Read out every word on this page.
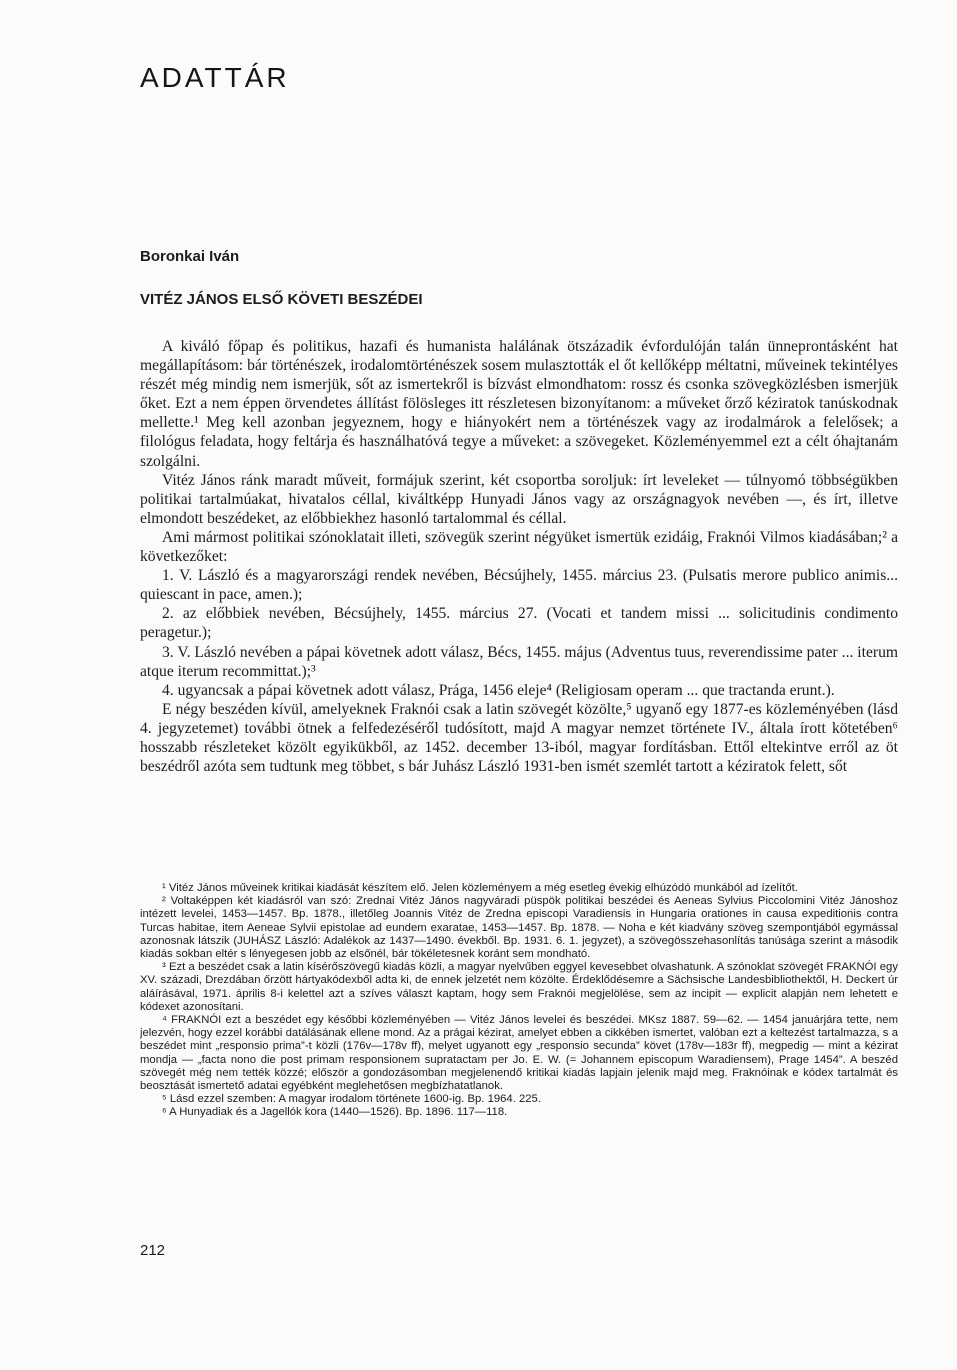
ADATTÁR
Boronkai Iván
VITÉZ JÁNOS ELSŐ KÖVETI BESZÉDEI

A kiváló főpap és politikus, hazafi és humanista halálának ötszázadik évfordulóján talán ünneprontásként hat megállapításom: bár történészek, irodalomtörténészek sosem mulasztották el őt kellőképp méltatni, műveinek tekintélyes részét még mindig nem ismerjük, sőt az ismertekről is bízvást elmondhatom: rossz és csonka szövegközlésben ismerjük őket. Ezt a nem éppen örvendetes állítást fölösleges itt részletesen bizonyítanom: a műveket őrző kéziratok tanúskodnak mellette.¹ Meg kell azonban jegyeznem, hogy e hiányokért nem a történészek vagy az irodalmárok a felelősek; a filológus feladata, hogy feltárja és használhatóvá tegye a műveket: a szövegeket. Közleményemmel ezt a célt óhajtanám szolgálni.

Vitéz János ránk maradt műveit, formájuk szerint, két csoportba soroljuk: írt leveleket — túlnyomó többségükben politikai tartalmúakat, hivatalos céllal, kiváltképp Hunyadi János vagy az országnagyok nevében —, és írt, illetve elmondott beszédeket, az előbbiekhez hasonló tartalommal és céllal.

Ami mármost politikai szónoklatait illeti, szövegük szerint négyüket ismertük ezidáig, Fraknói Vilmos kiadásában;² a következőket:

1. V. László és a magyarországi rendek nevében, Bécsújhely, 1455. március 23. (Pulsatis merore publico animis... quiescant in pace, amen.);

2. az előbbiek nevében, Bécsújhely, 1455. március 27. (Vocati et tandem missi ... solicitudinis condimento peragetur.);

3. V. László nevében a pápai követnek adott válasz, Bécs, 1455. május (Adventus tuus, reverendissime pater ... iterum atque iterum recommittat.);³

4. ugyancsak a pápai követnek adott válasz, Prága, 1456 eleje⁴ (Religiosam operam ... que tractanda erunt.).

E négy beszéden kívül, amelyeknek Fraknói csak a latin szövegét közölte,⁵ ugyanő egy 1877-es közleményében (lásd 4. jegyzetemet) további ötnek a felfedezéséről tudósított, majd A magyar nemzet története IV., általa írott kötetében⁶ hosszabb részleteket közölt egyikükből, az 1452. december 13-iból, magyar fordításban. Ettől eltekintve erről az öt beszédről azóta sem tudtunk meg többet, s bár Juhász László 1931-ben ismét szemlét tartott a kéziratok felett, sőt

¹ Vitéz János műveinek kritikai kiadását készítem elő. Jelen közleményem a még esetleg évekig elhúzódó munkából ad ízelítőt.

² Voltaképpen két kiadásról van szó: Zrednai Vitéz János nagyváradi püspök politikai beszédei és Aeneas Sylvius Piccolomini Vitéz Jánoshoz intézett levelei, 1453—1457. Bp. 1878., illetőleg Joannis Vitéz de Zredna episcopi Varadiensis in Hungaria orationes in causa expeditionis contra Turcas habitae, item Aeneae Sylvii epistolae ad eundem exaratae, 1453—1457. Bp. 1878. — Noha e két kiadvány szöveg szempontjából egymással azonosnak látszik (JUHÁSZ László: Adalékok az 1437—1490. évekből. Bp. 1931. 6. 1. jegyzet), a szövegösszehasonlítás tanúsága szerint a második kiadás sokban eltér s lényegesen jobb az elsőnél, bár tökéletesnek koránt sem mondható.

³ Ezt a beszédet csak a latin kísérőszövegű kiadás közli, a magyar nyelvűben eggyel kevesebbet olvashatunk. A szónoklat szövegét FRAKNÓI egy XV. századi, Drezdában őrzött hártyakódexből adta ki, de ennek jelzetét nem közölte. Érdeklődésemre a Sächsische Landesbibliothektől, H. Deckert úr aláírásával, 1971. április 8-i kelettel azt a szíves választ kaptam, hogy sem Fraknói megjelölése, sem az incipit — explicit alapján nem lehetett e kódexet azonosítani.

⁴ FRAKNÓI ezt a beszédet egy későbbi közleményében — Vitéz János levelei és beszédei. MKsz 1887. 59—62. — 1454 januárjára tette, nem jelezvén, hogy ezzel korábbi datálásának ellene mond. Az a prágai kézirat, amelyet ebben a cikkében ismertet, valóban ezt a keltezést tartalmazza, s a beszédet mint „responsio prima”-t közli (176v—178v ff), melyet ugyanott egy „responsio secunda” követ (178v—183r ff), megpedig — mint a kézirat mondja — „facta nono die post primam responsionem supratactam per Jo. E. W. (= Johannem episcopum Waradiensem), Prage 1454”. A beszéd szövegét még nem tették közzé; először a gondozásomban megjelenendő kritikai kiadás lapjain jelenik majd meg. Fraknóinak e kódex tartalmát és beosztását ismertető adatai egyébként meglehetősen megbízhatatlanok.

⁵ Lásd ezzel szemben: A magyar irodalom története 1600-ig. Bp. 1964. 225.

⁶ A Hunyadiak és a Jagellók kora (1440—1526). Bp. 1896. 117—118.

212
